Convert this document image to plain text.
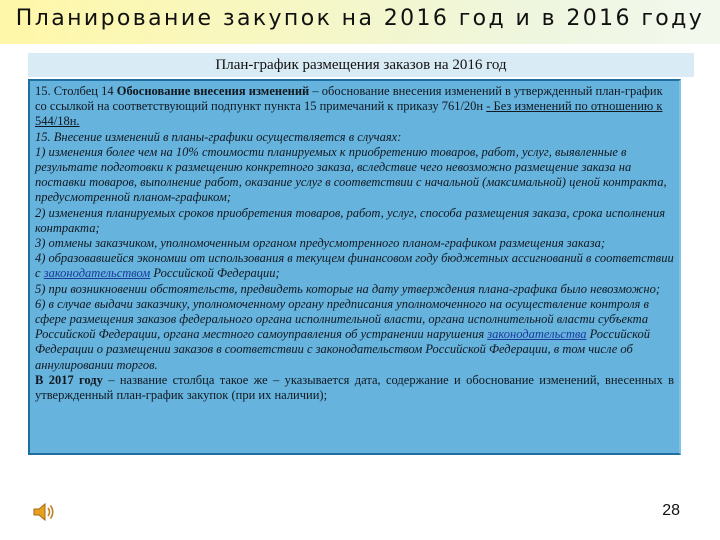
Планирование закупок на 2016 год и в 2016 году
План-график размещения заказов на 2016 год

15. Столбец 14 Обоснование внесения изменений – обоснование внесения изменений в утвержденный план-график со ссылкой на соответствующий подпункт пункта 15 примечаний к приказу 761/20н - Без изменений по отношению к 544/18н.

15. Внесение изменений в планы-графики осуществляется в случаях:

1) изменения более чем на 10% стоимости планируемых к приобретению товаров, работ, услуг, выявленные в результате подготовки к размещению конкретного заказа, вследствие чего невозможно размещение заказа на поставки товаров, выполнение работ, оказание услуг в соответствии с начальной (максимальной) ценой контракта, предусмотренной планом-графиком;

2) изменения планируемых сроков приобретения товаров, работ, услуг, способа размещения заказа, срока исполнения контракта;

3) отмены заказчиком, уполномоченным органом предусмотренного планом-графиком размещения заказа;

4) образовавшейся экономии от использования в текущем финансовом году бюджетных ассигнований в соответствии с законодательством Российской Федерации;

5) при возникновении обстоятельств, предвидеть которые на дату утверждения плана-графика было невозможно;

6) в случае выдачи заказчику, уполномоченному органу предписания уполномоченного на осуществление контроля в сфере размещения заказов федерального органа исполнительной власти, органа исполнительной власти субъекта Российской Федерации, органа местного самоуправления об устранении нарушения законодательства Российской Федерации о размещении заказов в соответствии с законодательством Российской Федерации, в том числе об аннулировании торгов.

В 2017 году – название столбца такое же – указывается дата, содержание и обоснование изменений, внесенных в утвержденный план-график закупок (при их наличии);

28
